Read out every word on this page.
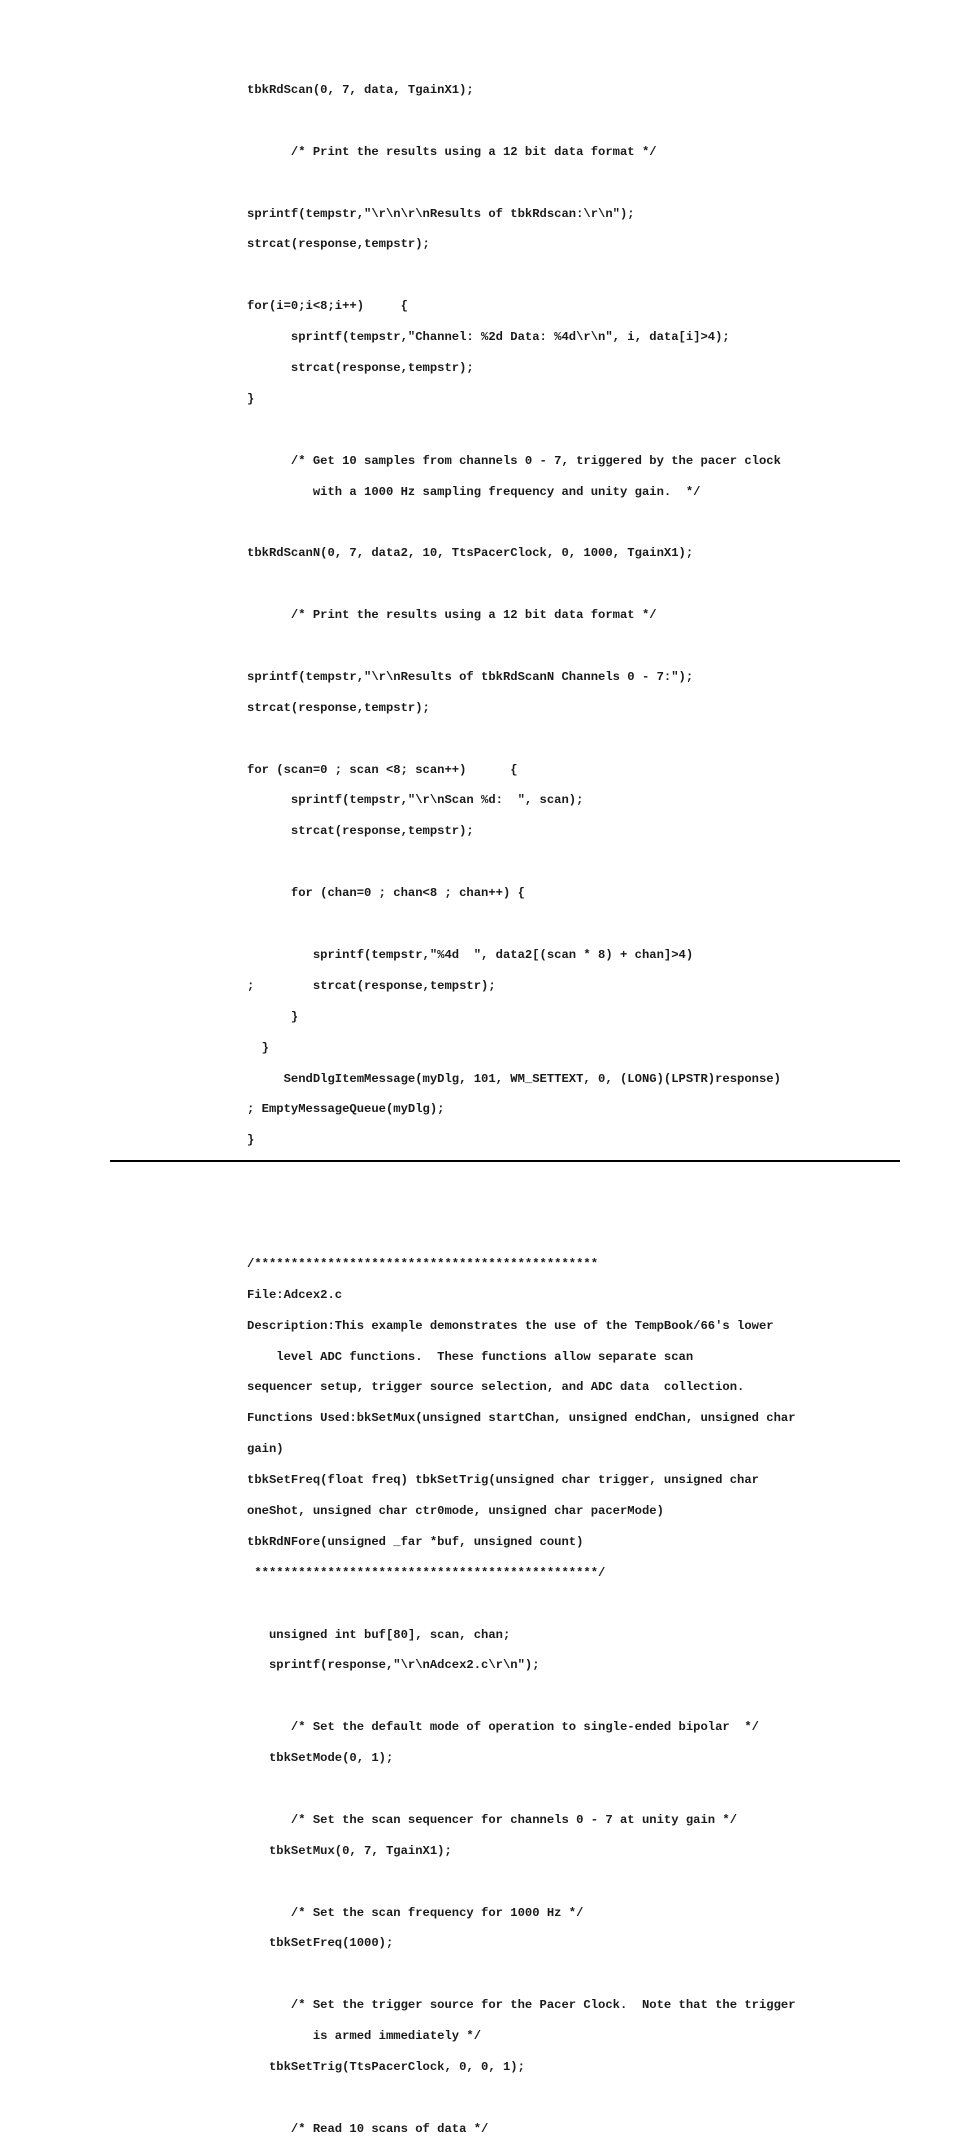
tbkRdScan(0, 7, data, TgainX1);

/* Print the results using a 12 bit data format */

sprintf(tempstr,"\r\n\r\nResults of tbkRdscan:\r\n");

strcat(response,tempstr);

for(i=0;i<8;i++)     {

sprintf(tempstr,"Channel: %2d Data: %4d\r\n", i, data[i]>4);

strcat(response,tempstr);

}

/* Get 10 samples from channels 0 - 7, triggered by the pacer clock

with a 1000 Hz sampling frequency and unity gain.  */

tbkRdScanN(0, 7, data2, 10, TtsPacerClock, 0, 1000, TgainX1);

/* Print the results using a 12 bit data format */

sprintf(tempstr,"\r\nResults of tbkRdScanN Channels 0 - 7:");

strcat(response,tempstr);

for (scan=0 ; scan <8; scan++)      {

sprintf(tempstr,"\r\nScan %d:  ", scan);

strcat(response,tempstr);

for (chan=0 ; chan<8 ; chan++) {

sprintf(tempstr,"%4d  ", data2[(scan * 8) + chan]>4)

;        strcat(response,tempstr);

}

}

SendDlgItemMessage(myDlg, 101, WM_SETTEXT, 0, (LONG)(LPSTR)response)

; EmptyMessageQueue(myDlg);

}

/***********************************************

File:Adcex2.c

Description:This example demonstrates the use of the TempBook/66's lower

level ADC functions.  These functions allow separate scan

sequencer setup, trigger source selection, and ADC data  collection.

Functions Used:bkSetMux(unsigned startChan, unsigned endChan, unsigned char

gain)

tbkSetFreq(float freq) tbkSetTrig(unsigned char trigger, unsigned char

oneShot, unsigned char ctr0mode, unsigned char pacerMode)

tbkRdNFore(unsigned _far *buf, unsigned count)

***********************************************/

unsigned int buf[80], scan, chan;

sprintf(response,"\r\nAdcex2.c\r\n");

/* Set the default mode of operation to single-ended bipolar  */

tbkSetMode(0, 1);

/* Set the scan sequencer for channels 0 - 7 at unity gain */

tbkSetMux(0, 7, TgainX1);

/* Set the scan frequency for 1000 Hz */

tbkSetFreq(1000);

/* Set the trigger source for the Pacer Clock.  Note that the trigger

is armed immediately */

tbkSetTrig(TtsPacerClock, 0, 0, 1);

/* Read 10 scans of data */
